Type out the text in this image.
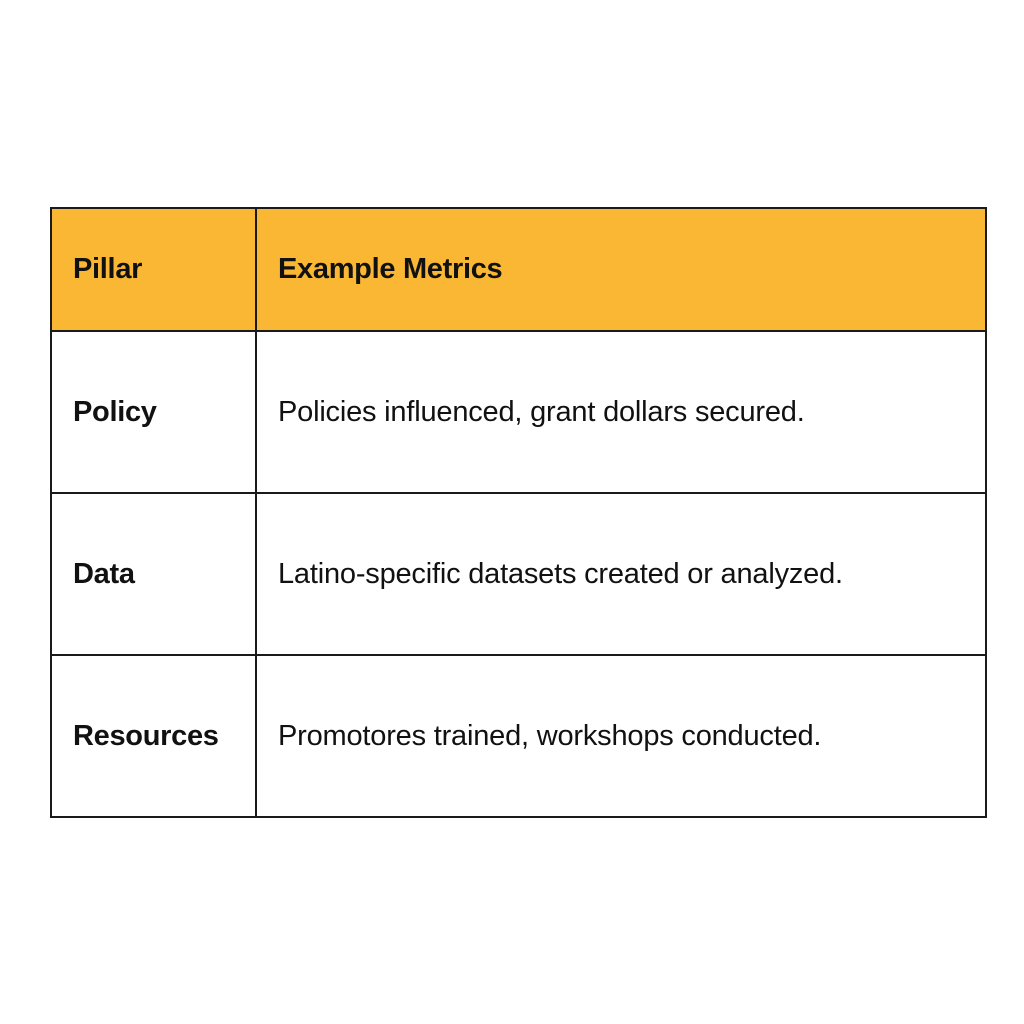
Pillar	Example Metrics
Policy	Policies influenced, grant dollars secured.
Data	Latino-specific datasets created or analyzed.
Resources	Promotores trained, workshops conducted.
